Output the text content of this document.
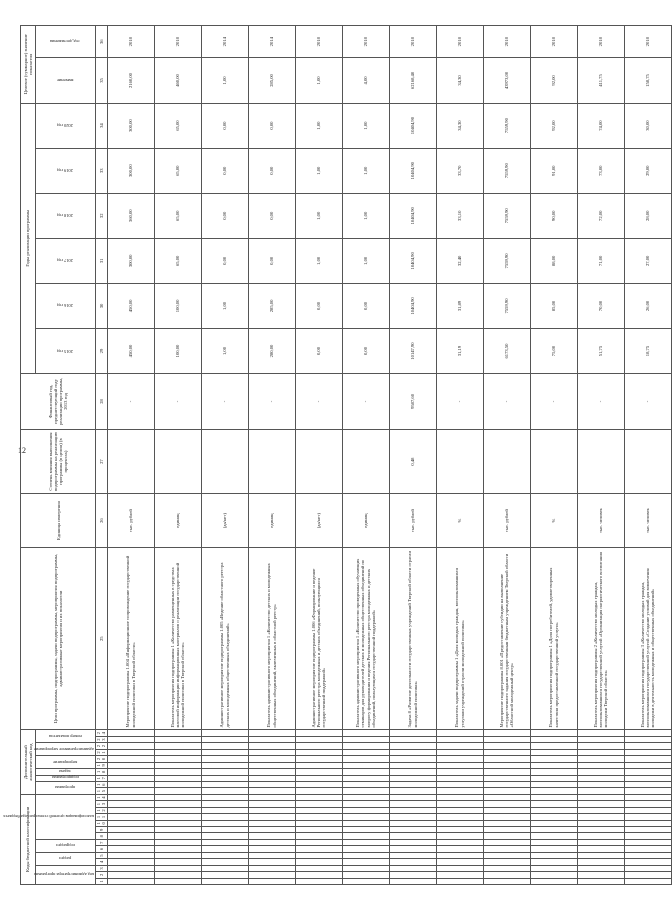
12
Коды бюджетной классификации														Дополнительный аналитический код										Цели программы, подпрограммы, задачи подпрограммы, мероприятия подпрограммы, административные мероприятия и их показатели	Единица измерения	Степень влияния выполнения подпрограммы на реализацию программы (в целом) (в процентах)	Финансовый год, предшествующий году реализации программы, 2013 год	Годы реализации программы						Целевое (суммарное) значение показателя	
код администратора программы			раздел		подраздел		классификация целевой статьи расхода бюджета							программа		подпрограмма	задача	мероприятие		административное мероприятие		номер показателя						2015 год	2016 год	2017 год	2018 год	2019 год	2020 год	значение	год достижения
1	2	3	4	5	6	7	8	9	10	11	12	13	14	15	16	17	18	19	20	21	22	23	24	25	26	27	28	29	30	31	32	33	34	35	36
																								Мероприятие подпрограммы 1.004 «Информационное сопровождение государственной молодежной политики в Тверской области»	тыс. рублей		-	450,00	450,00	300,00	360,00	300,00	300,00	2160,00	2018
																								Показатель мероприятия подпрограммы 1 «Количество размещенных в средствах массовой информации информационных материалов о реализации государственной молодежной политики в Тверской области»	единиц		-	100,00	100,00	65,00	65,00	65,00	65,00	460,00	2018
																								Административное мероприятие подпрограммы 1.005 «Ведение областного реестра детских и молодежных общественных объединений»	(да/нет)		-	1,00	1,00	0,00	0,00	0,00	0,00	1,00	2014
																								Показатель административного мероприятия 1 «Количество детских и молодежных общественных объединений, включенных в областной реестр»	единиц		-	280,00	285,00	0,00	0,00	0,00	0,00	285,00	2014
																								Административное мероприятие подпрограммы 1.006 «Формирование и ведение Регионального реестра молодежных и детских объединений, пользующихся государственной поддержкой»	(да/нет)		-	0,00	0,00	1,00	1,00	1,00	1,00	1,00	2018
																								Показатель административного мероприятия 1 «Количество проведенных обучающих семинаров для руководителей детских и молодежных общественных объединений по вопросу формирования и ведения Регионального реестра молодежных и детских объединений, пользующихся государственной поддержкой»	единиц		-	0,00	0,00	1,00	1,00	1,00	1,00	4,00	2018
																								Задача 8 «Развитие деятельности государственных учреждений Тверской области отрасли молодежной политики»	тыс. рублей	0,48	9587,60	10147,90	10404,90	10404,90	10404,90	10404,90	10404,90	62168,40	2018
																								Показатель задачи подпрограммы 1 «Доля молодых граждан, воспользовавшихся услугами учреждений отрасли молодежной политики»	%		-	31,19	31,89	32,40	33,10	33,70	34,30	34,30	2018
																								Мероприятие подпрограммы 8.001 «Предоставление субсидии на выполнение государственного задания государственным бюджетным учреждением Тверской области «Областной молодежный центр»	тыс. рублей		-	6173,50	7559,90	7559,90	7559,90	7559,90	7559,90	43973,00	2018
																								Показатель мероприятия подпрограммы 1 «Доля потребителей, удовлетворенных качеством предоставленной государственной услуги»	%		-	75,00	85,00	88,00	90,00	91,00	92,00	92,00	2018
																								Показатель мероприятия подпрограммы 2 «Количество молодых граждан, воспользовавшихся государственной услугой «Организация патриотического воспитания молодежи Тверской области»	тыс. человек		-	51,75	70,00	71,00	72,00	73,00	74,00	411,75	2018
																								Показатель мероприятия подпрограммы 3 «Количество молодых граждан, воспользовавшихся государственной услугой «Создание условий для вовлечения молодежи в деятельность молодежных и общественных объединений»	тыс. человек		-	18,75	26,00	27,00	28,00	29,00	30,00	158,75	2018
